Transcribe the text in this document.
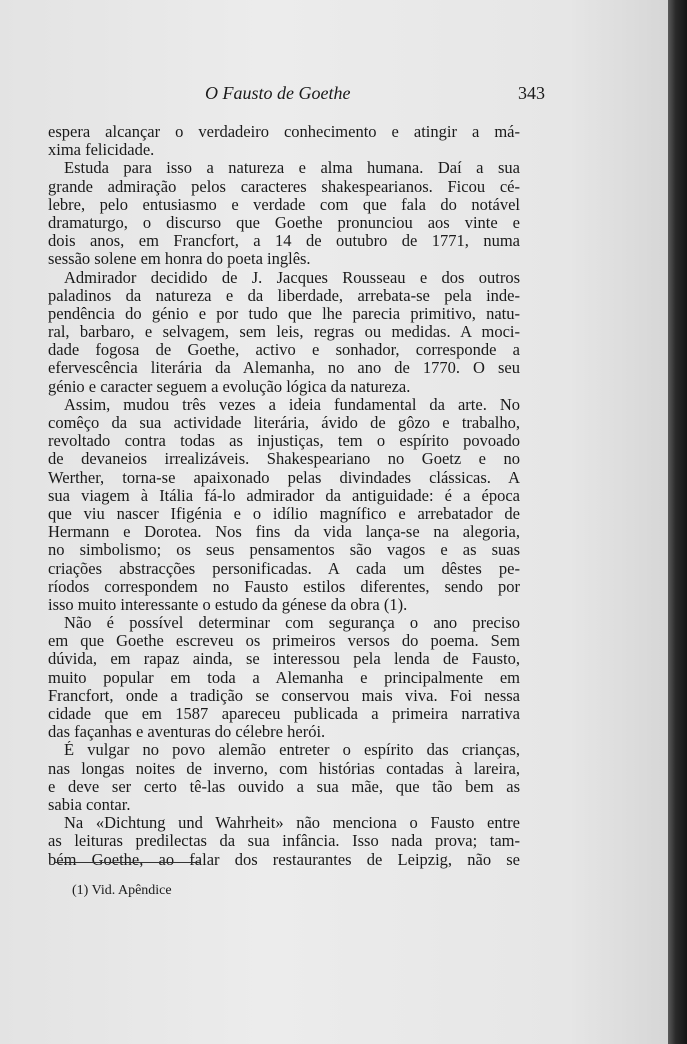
O Fausto de Goethe	343
espera alcançar o verdadeiro conhecimento e atingir a má-
xima felicidade.
Estuda para isso a natureza e alma humana. Daí a sua
grande admiração pelos caracteres shakespearianos. Ficou cé-
lebre, pelo entusiasmo e verdade com que fala do notável
dramaturgo, o discurso que Goethe pronunciou aos vinte e
dois anos, em Francfort, a 14 de outubro de 1771, numa
sessão solene em honra do poeta inglês.
Admirador decidido de J. Jacques Rousseau e dos outros
paladinos da natureza e da liberdade, arrebata-se pela inde-
pendência do génio e por tudo que lhe parecia primitivo, natu-
ral, barbaro, e selvagem, sem leis, regras ou medidas. A moci-
dade fogosa de Goethe, activo e sonhador, corresponde a
efervescência literária da Alemanha, no ano de 1770. O seu
génio e caracter seguem a evolução lógica da natureza.
Assim, mudou três vezes a ideia fundamental da arte. No
comêço da sua actividade literária, ávido de gôzo e trabalho,
revoltado contra todas as injustiças, tem o espírito povoado
de devaneios irrealizáveis. Shakespeariano no Goetz e no
Werther, torna-se apaixonado pelas divindades clássicas. A
sua viagem à Itália fá-lo admirador da antiguidade: é a época
que viu nascer Ifigénia e o idílio magnífico e arrebatador de
Hermann e Dorotea. Nos fins da vida lança-se na alegoria,
no simbolismo; os seus pensamentos são vagos e as suas
criações abstracções personificadas. A cada um dêstes pe-
ríodos correspondem no Fausto estilos diferentes, sendo por
isso muito interessante o estudo da génese da obra (1).
Não é possível determinar com segurança o ano preciso
em que Goethe escreveu os primeiros versos do poema. Sem
dúvida, em rapaz ainda, se interessou pela lenda de Fausto,
muito popular em toda a Alemanha e principalmente em
Francfort, onde a tradição se conservou mais viva. Foi nessa
cidade que em 1587 apareceu publicada a primeira narrativa
das façanhas e aventuras do célebre herói.
É vulgar no povo alemão entreter o espírito das crianças,
nas longas noites de inverno, com histórias contadas à lareira,
e deve ser certo tê-las ouvido a sua mãe, que tão bem as
sabia contar.
Na «Dichtung und Wahrheit» não menciona o Fausto entre
as leituras predilectas da sua infância. Isso nada prova; tam-
bém Goethe, ao falar dos restaurantes de Leipzig, não se
(1) Vid. Apêndice
